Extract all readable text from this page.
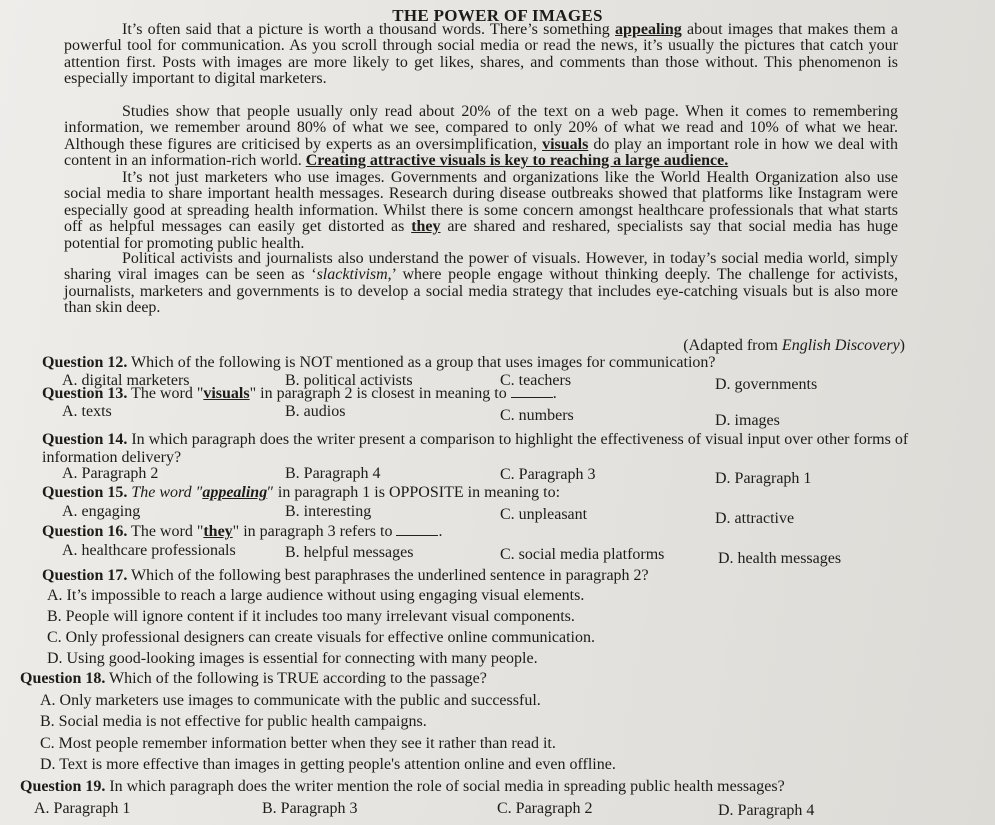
THE POWER OF IMAGES
It’s often said that a picture is worth a thousand words. There’s something appealing about images that makes them a powerful tool for communication. As you scroll through social media or read the news, it’s usually the pictures that catch your attention first. Posts with images are more likely to get likes, shares, and comments than those without. This phenomenon is especially important to digital marketers.
Studies show that people usually only read about 20% of the text on a web page. When it comes to remembering information, we remember around 80% of what we see, compared to only 20% of what we read and 10% of what we hear. Although these figures are criticised by experts as an oversimplification, visuals do play an important role in how we deal with content in an information-rich world. Creating attractive visuals is key to reaching a large audience.
It’s not just marketers who use images. Governments and organizations like the World Health Organization also use social media to share important health messages. Research during disease outbreaks showed that platforms like Instagram were especially good at spreading health information. Whilst there is some concern amongst healthcare professionals that what starts off as helpful messages can easily get distorted as they are shared and reshared, specialists say that social media has huge potential for promoting public health.
Political activists and journalists also understand the power of visuals. However, in today’s social media world, simply sharing viral images can be seen as ‘slacktivism,’ where people engage without thinking deeply. The challenge for activists, journalists, marketers and governments is to develop a social media strategy that includes eye-catching visuals but is also more than skin deep.
(Adapted from English Discovery)
Question 12. Which of the following is NOT mentioned as a group that uses images for communication?
A. digital marketers	B. political activists	C. teachers	D. governments
Question 13. The word "visuals" in paragraph 2 is closest in meaning to	.
A. texts	B. audios	C. numbers	D. images
Question 14. In which paragraph does the writer present a comparison to highlight the effectiveness of visual input over other forms of information delivery?
A. Paragraph 2	B. Paragraph 4	C. Paragraph 3	D. Paragraph 1
Question 15. The word ″appealing″ in paragraph 1 is OPPOSITE in meaning to:
A. engaging	B. interesting	C. unpleasant	D. attractive
Question 16. The word "they" in paragraph 3 refers to	.
A. healthcare professionals	B. helpful messages	C. social media platforms	D. health messages
Question 17. Which of the following best paraphrases the underlined sentence in paragraph 2?
A. It’s impossible to reach a large audience without using engaging visual elements.
B. People will ignore content if it includes too many irrelevant visual components.
C. Only professional designers can create visuals for effective online communication.
D. Using good-looking images is essential for connecting with many people.
Question 18. Which of the following is TRUE according to the passage?
A. Only marketers use images to communicate with the public and successful.
B. Social media is not effective for public health campaigns.
C. Most people remember information better when they see it rather than read it.
D. Text is more effective than images in getting people's attention online and even offline.
Question 19. In which paragraph does the writer mention the role of social media in spreading public health messages?
A. Paragraph 1	B. Paragraph 3	C. Paragraph 2	D. Paragraph 4
